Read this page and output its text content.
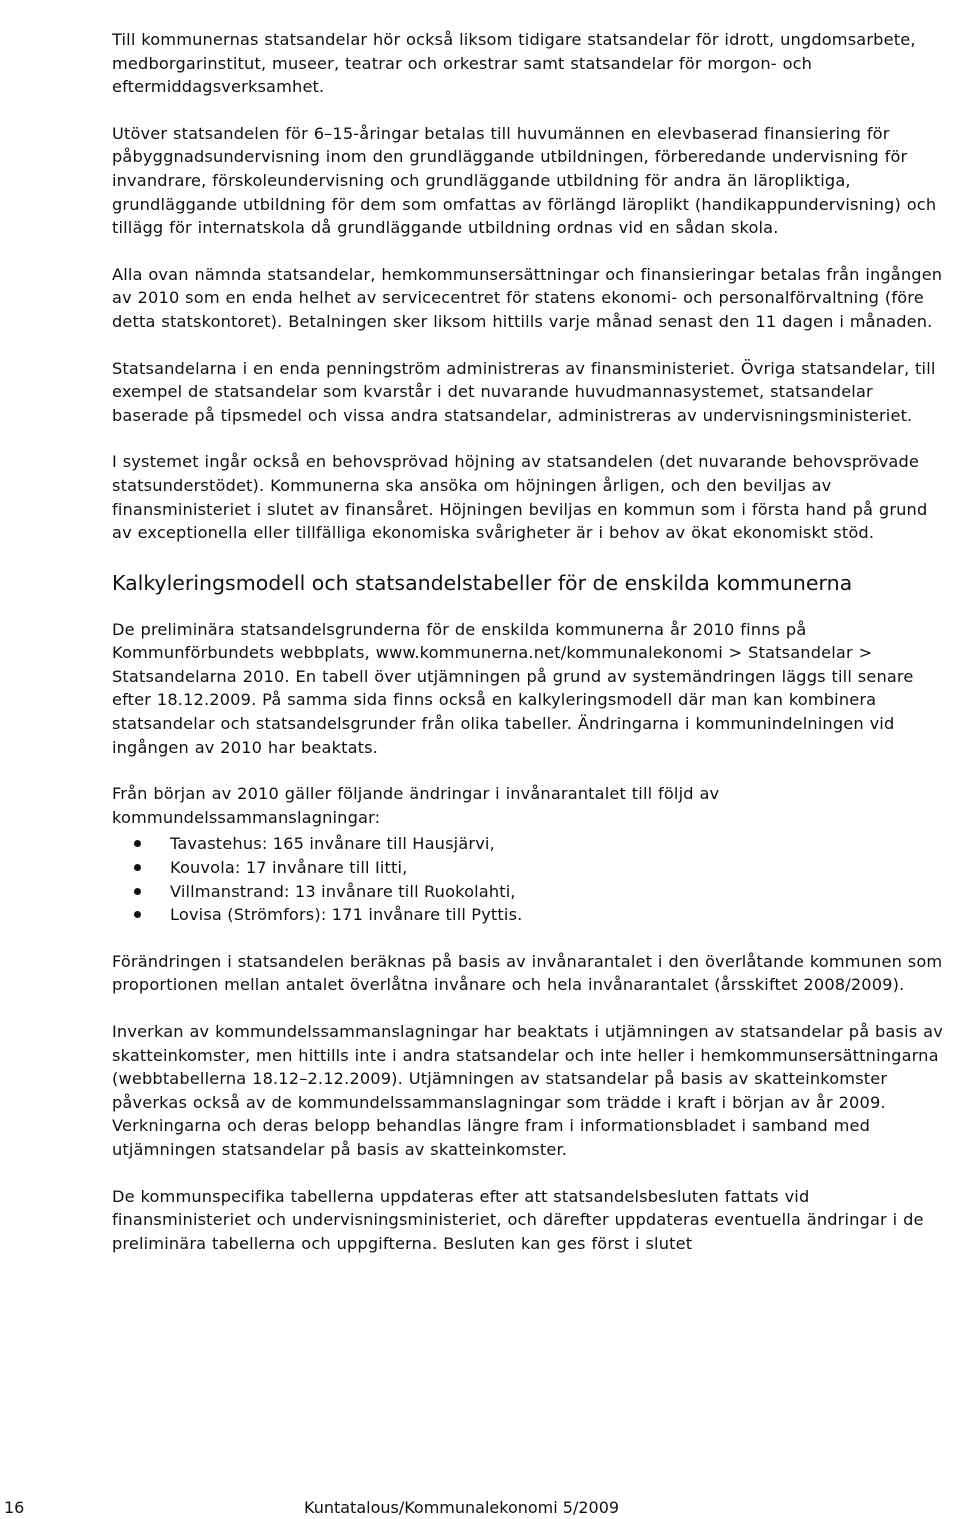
Till kommunernas statsandelar hör också liksom tidigare statsandelar för idrott, ungdomsarbete, medborgarinstitut, museer, teatrar och orkestrar samt statsandelar för morgon- och eftermiddagsverksamhet.

Utöver statsandelen för 6–15-åringar betalas till huvumännen en elevbaserad finansiering för påbyggnadsundervisning inom den grundläggande utbildningen, förberedande undervisning för invandrare, förskoleundervisning och grundläggande utbildning för andra än läropliktiga, grundläggande utbildning för dem som omfattas av förlängd läroplikt (handikappundervisning) och tillägg för internatskola då grundläggande utbildning ordnas vid en sådan skola.

Alla ovan nämnda statsandelar, hemkommunsersättningar och finansieringar betalas från ingången av 2010 som en enda helhet av servicecentret för statens ekonomi- och personalförvaltning (före detta statskontoret). Betalningen sker liksom hittills varje månad senast den 11 dagen i månaden.

Statsandelarna i en enda penningström administreras av finansministeriet. Övriga statsandelar, till exempel de statsandelar som kvarstår i det nuvarande huvudmannasystemet, statsandelar baserade på tipsmedel och vissa andra statsandelar, administreras av undervisningsministeriet.

I systemet ingår också en behovsprövad höjning av statsandelen (det nuvarande behovsprövade statsunderstödet). Kommunerna ska ansöka om höjningen årligen, och den beviljas av finansministeriet i slutet av finansåret. Höjningen beviljas en kommun som i första hand på grund av exceptionella eller tillfälliga ekonomiska svårigheter är i behov av ökat ekonomiskt stöd.

Kalkyleringsmodell och statsandelstabeller för de enskilda kommunerna

De preliminära statsandelsgrunderna för de enskilda kommunerna år 2010 finns på Kommunförbundets webbplats, www.kommunerna.net/kommunalekonomi > Statsandelar > Statsandelarna 2010. En tabell över utjämningen på grund av systemändringen läggs till senare efter 18.12.2009. På samma sida finns också en kalkyleringsmodell där man kan kombinera statsandelar och statsandelsgrunder från olika tabeller. Ändringarna i kommunindelningen vid ingången av 2010 har beaktats.

Från början av 2010 gäller följande ändringar i invånarantalet till följd av kommundelssammanslagningar:

Tavastehus: 165 invånare till Hausjärvi,
Kouvola: 17 invånare till Iitti,
Villmanstrand: 13 invånare till Ruokolahti,
Lovisa (Strömfors): 171 invånare till Pyttis.

Förändringen i statsandelen beräknas på basis av invånarantalet i den överlåtande kommunen som proportionen mellan antalet överlåtna invånare och hela invånarantalet (årsskiftet 2008/2009).

Inverkan av kommundelssammanslagningar har beaktats i utjämningen av statsandelar på basis av skatteinkomster, men hittills inte i andra statsandelar och inte heller i hemkommunsersättningarna (webbtabellerna 18.12–2.12.2009). Utjämningen av statsandelar på basis av skatteinkomster påverkas också av de kommundelssammanslagningar som trädde i kraft i början av år 2009. Verkningarna och deras belopp behandlas längre fram i informationsbladet i samband med utjämningen statsandelar på basis av skatteinkomster.

De kommunspecifika tabellerna uppdateras efter att statsandelsbesluten fattats vid finansministeriet och undervisningsministeriet, och därefter uppdateras eventuella ändringar i de preliminära tabellerna och uppgifterna. Besluten kan ges först i slutet

16	Kuntatalous/Kommunalekonomi 5/2009
